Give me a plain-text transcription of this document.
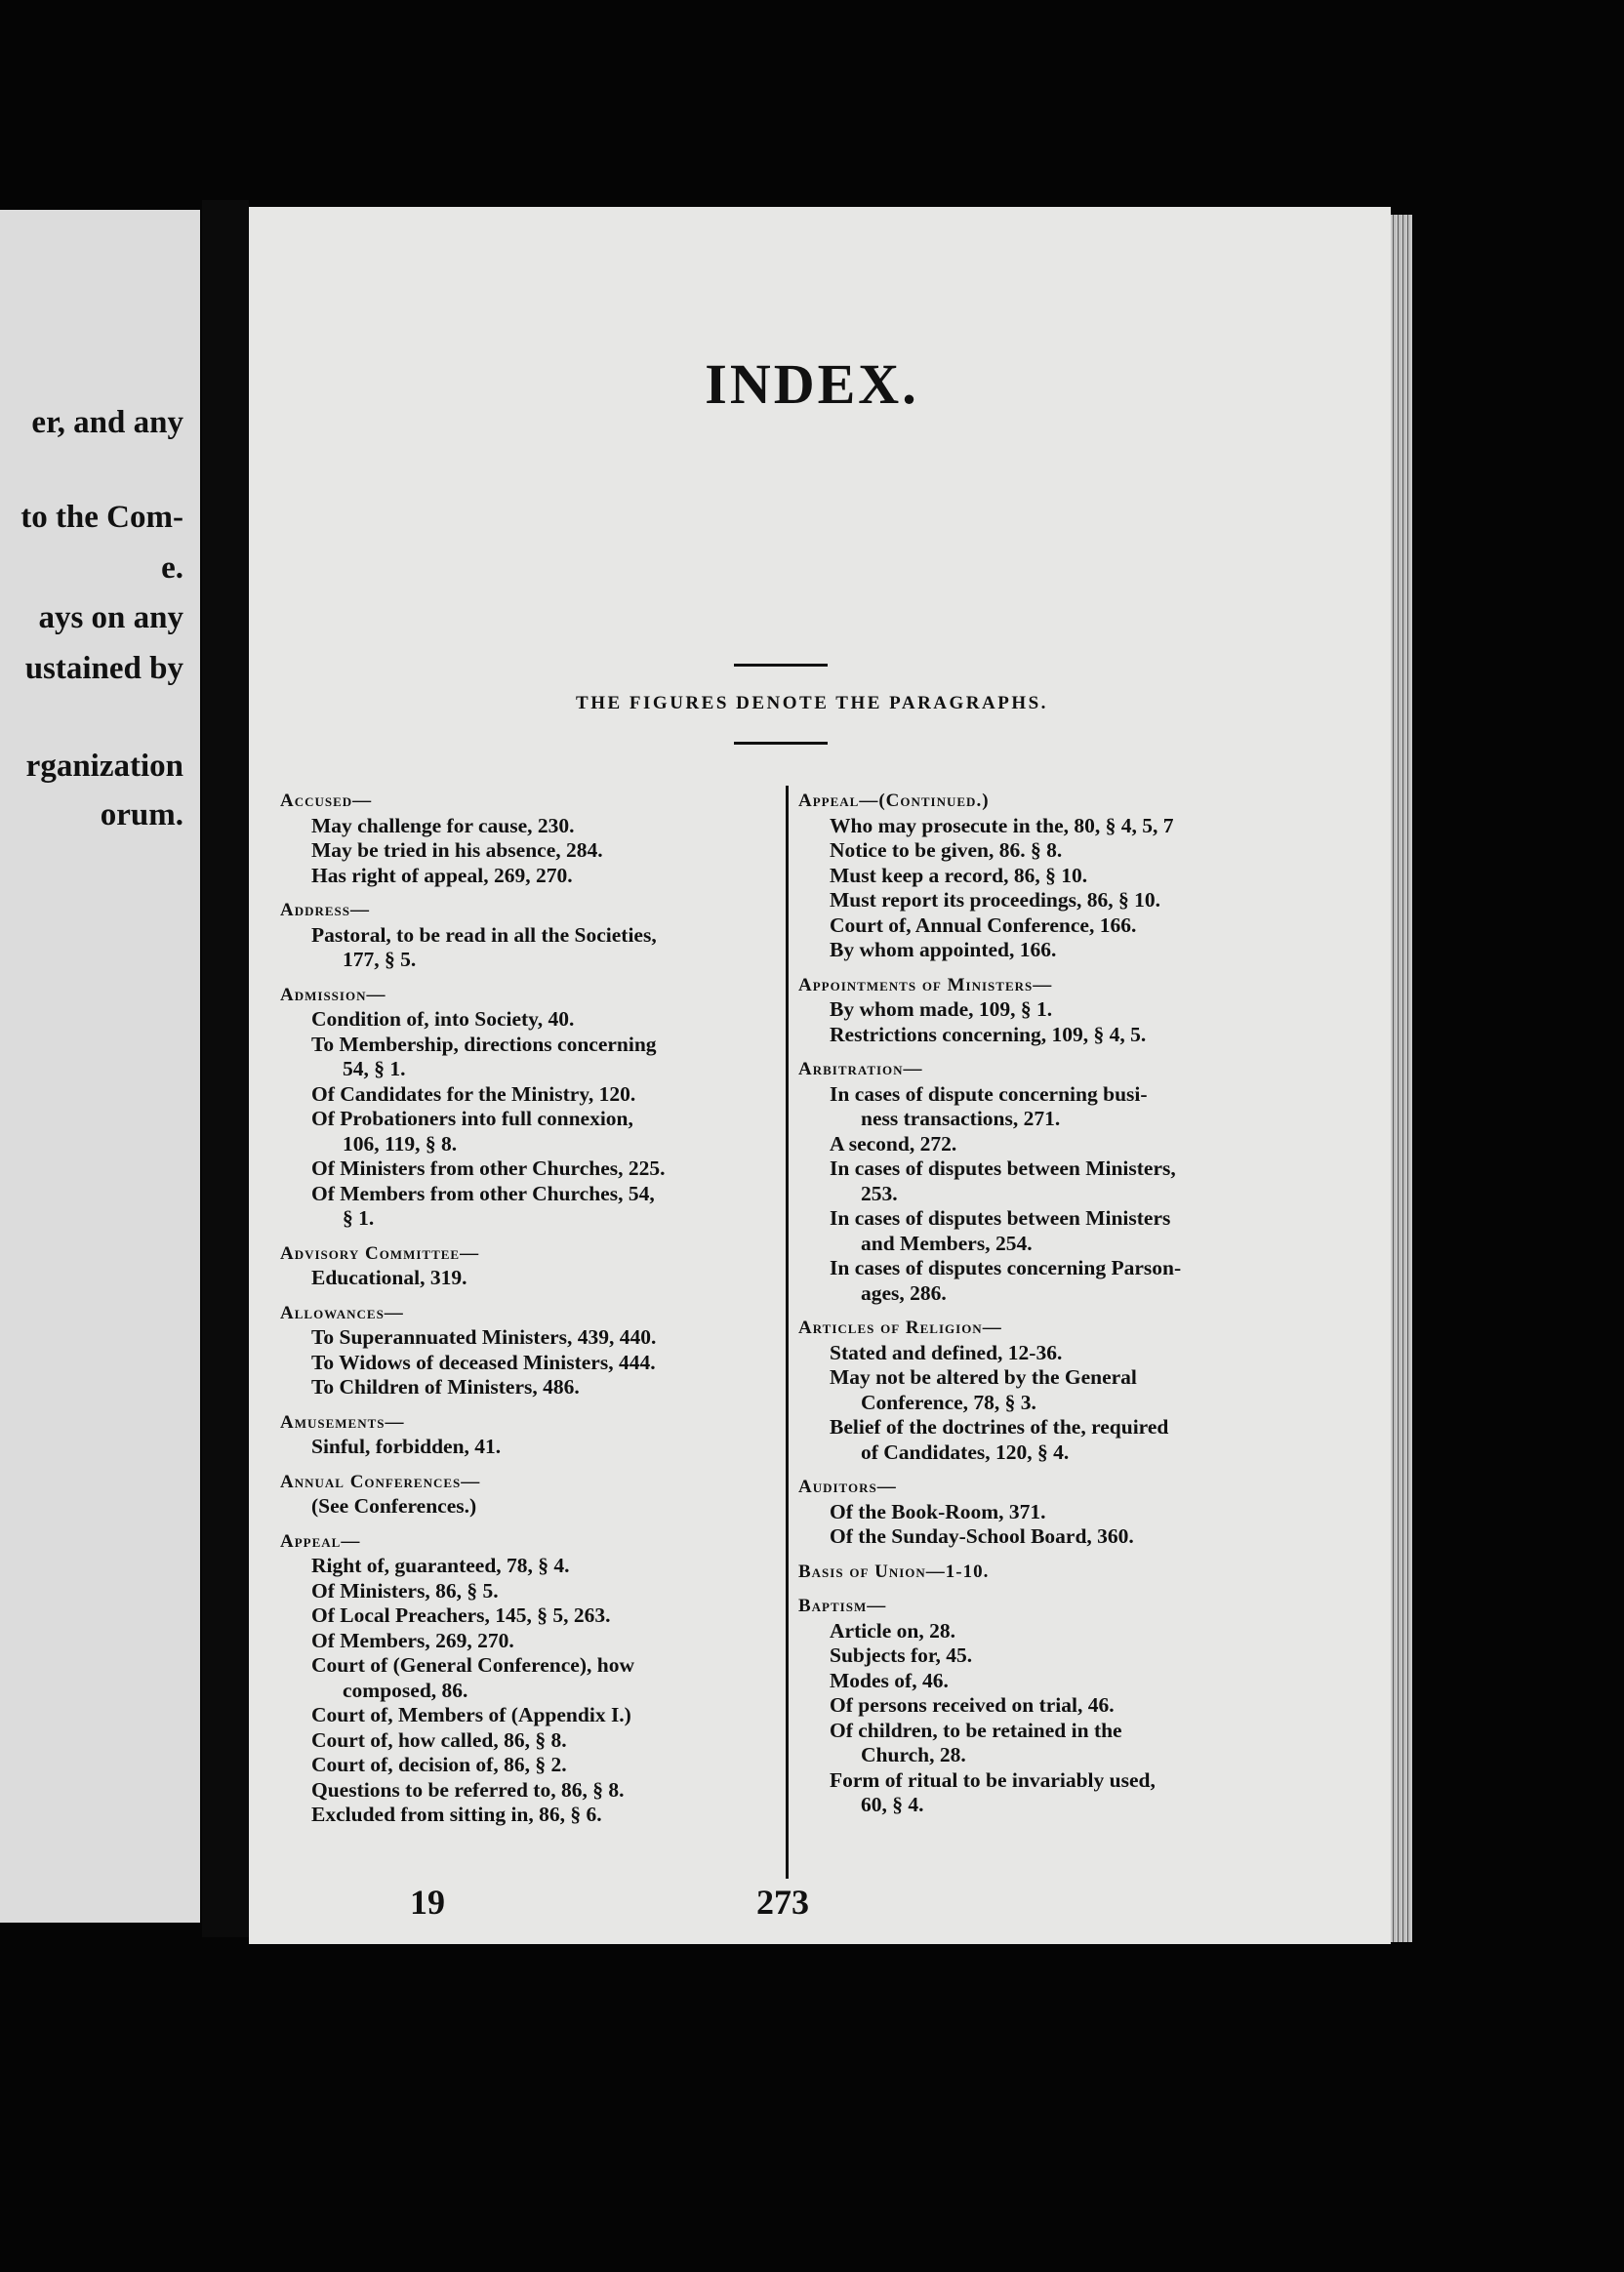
er, and any
to the Com-
e.
ays on any
ustained by
rganization
orum.
INDEX.
THE FIGURES DENOTE THE PARAGRAPHS.
Accused—
May challenge for cause, 230.
May be tried in his absence, 284.
Has right of appeal, 269, 270.
Address—
Pastoral, to be read in all the Societies,
177, § 5.
Admission—
Condition of, into Society, 40.
To Membership, directions concerning
54, § 1.
Of Candidates for the Ministry, 120.
Of Probationers into full connexion,
106, 119, § 8.
Of Ministers from other Churches, 225.
Of Members from other Churches, 54,
§ 1.
Advisory Committee—
Educational, 319.
Allowances—
To Superannuated Ministers, 439, 440.
To Widows of deceased Ministers, 444.
To Children of Ministers, 486.
Amusements—
Sinful, forbidden, 41.
Annual Conferences—
(See Conferences.)
Appeal—
Right of, guaranteed, 78, § 4.
Of Ministers, 86, § 5.
Of Local Preachers, 145, § 5, 263.
Of Members, 269, 270.
Court of (General Conference), how
composed, 86.
Court of, Members of (Appendix I.)
Court of, how called, 86, § 8.
Court of, decision of, 86, § 2.
Questions to be referred to, 86, § 8.
Excluded from sitting in, 86, § 6.
Appeal—(Continued.)
Who may prosecute in the, 80, § 4, 5, 7
Notice to be given, 86. § 8.
Must keep a record, 86, § 10.
Must report its proceedings, 86, § 10.
Court of, Annual Conference, 166.
By whom appointed, 166.
Appointments of Ministers—
By whom made, 109, § 1.
Restrictions concerning, 109, § 4, 5.
Arbitration—
In cases of dispute concerning busi-
ness transactions, 271.
A second, 272.
In cases of disputes between Ministers,
253.
In cases of disputes between Ministers
and Members, 254.
In cases of disputes concerning Parson-
ages, 286.
Articles of Religion—
Stated and defined, 12-36.
May not be altered by the General
Conference, 78, § 3.
Belief of the doctrines of the, required
of Candidates, 120, § 4.
Auditors—
Of the Book-Room, 371.
Of the Sunday-School Board, 360.
Basis of Union—1-10.
Baptism—
Article on, 28.
Subjects for, 45.
Modes of, 46.
Of persons received on trial, 46.
Of children, to be retained in the
Church, 28.
Form of ritual to be invariably used,
60, § 4.
19	273
